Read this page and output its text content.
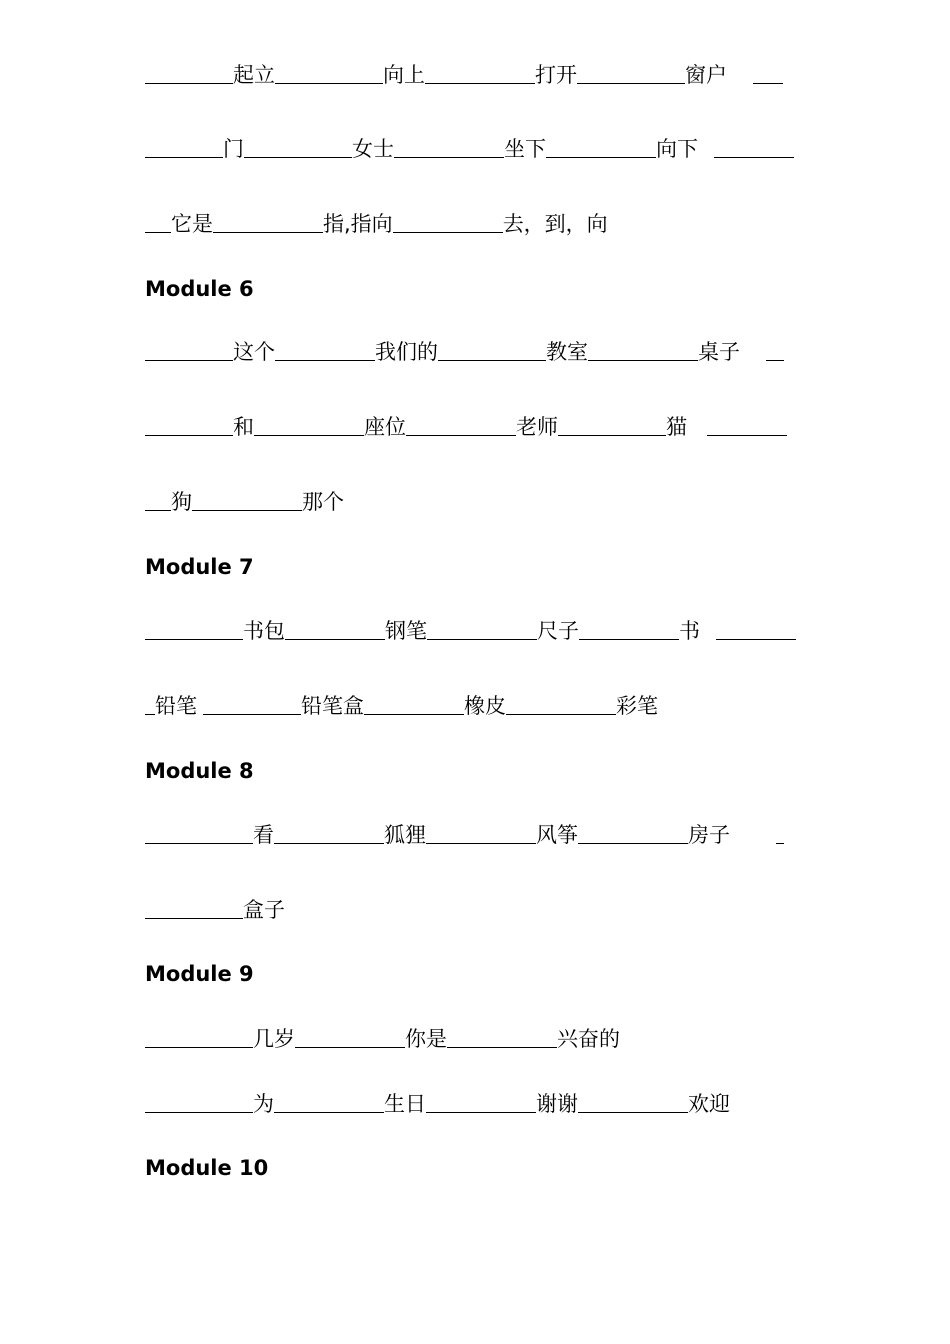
起立	向上	打开	窗户
门	女士	坐下	向下
它是	指,指向	去，到，向
这个	我们的	教室	桌子
和	座位	老师	猫
狗	那个
书包	钢笔	尺子	书
铅笔	铅笔盒	橡皮	彩笔
看	狐狸	风筝	房子
盒子
几岁	你是	兴奋的
为	生日	谢谢	欢迎
Module 6
Module 7
Module 8
Module 9
Module 10
